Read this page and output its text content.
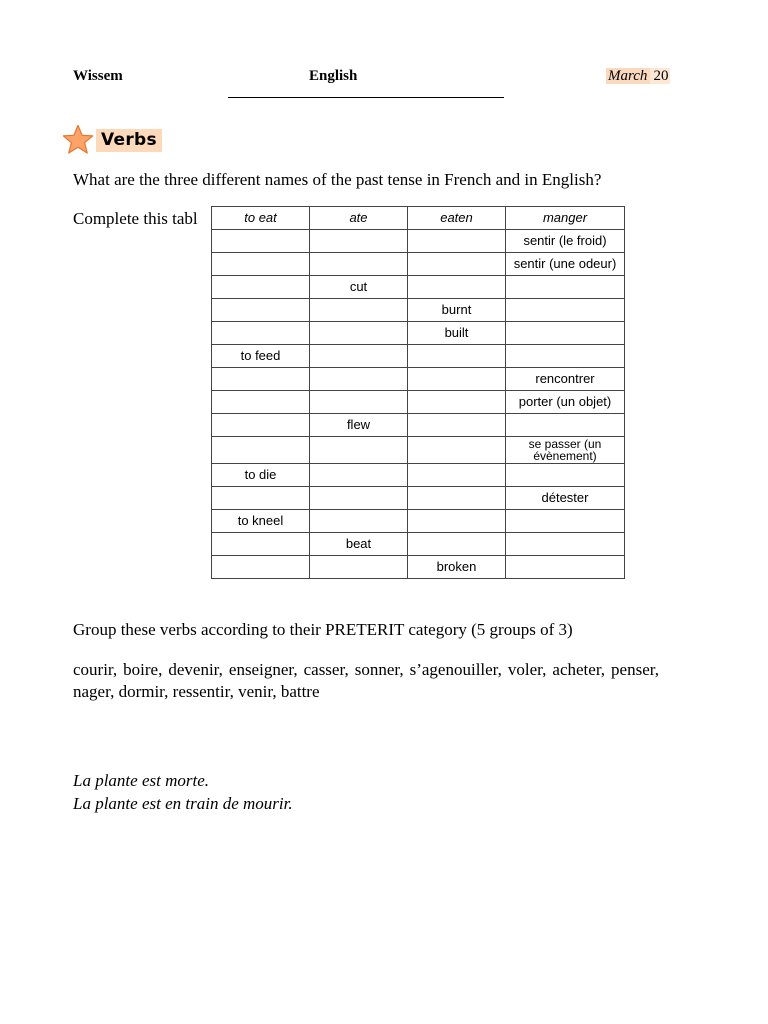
Wissem	English	March 20
Verbs
What are the three different names of the past tense in French and in English?
Complete this tabl	to eat	ate	eaten	manger
			sentir (le froid)
			sentir (une odeur)
	cut		
		burnt	
		built	
to feed			
			rencontrer
			porter (un objet)
	flew		
			se passer (un évènement)
to die			
			détester
to kneel			
	beat		
		broken	
Group these verbs according to their PRETERIT category (5 groups of 3)
courir, boire, devenir, enseigner, casser, sonner, s’agenouiller, voler, acheter, penser, nager, dormir, ressentir, venir, battre
La plante est morte.
La plante est en train de mourir.
